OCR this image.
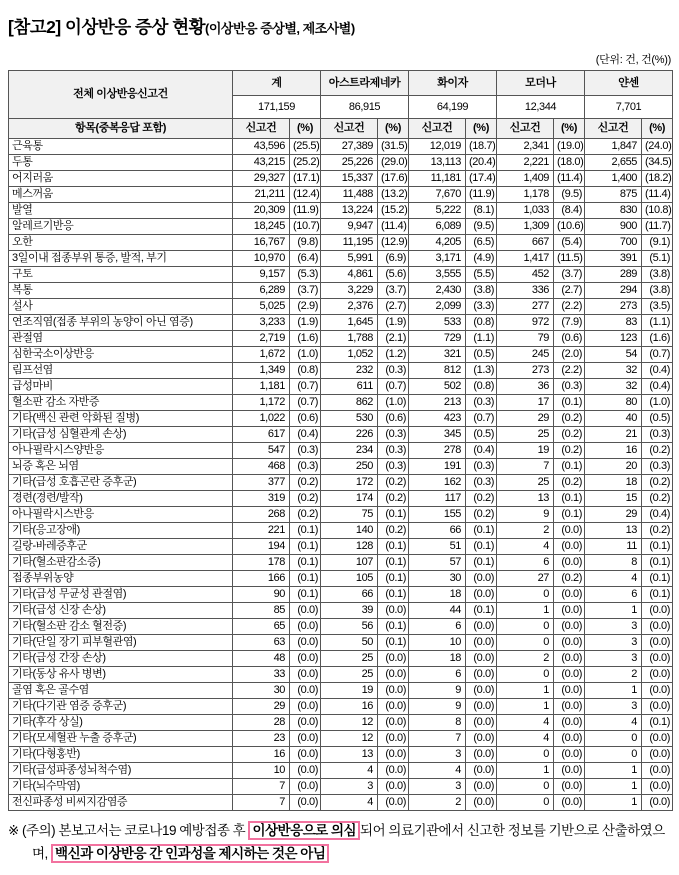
[참고2] 이상반응 증상 현황(이상반응 증상별, 제조사별)
(단위: 건, 건(%))
전체 이상반응신고건	계		아스트라제네카		화이자		모더나		얀센	
	171,159		86,915		64,199		12,344		7,701	
항목(중복응답 포함)	신고건	(%)	신고건	(%)	신고건	(%)	신고건	(%)	신고건	(%)
근육통	43,596	(25.5)	27,389	(31.5)	12,019	(18.7)	2,341	(19.0)	1,847	(24.0)
두통	43,215	(25.2)	25,226	(29.0)	13,113	(20.4)	2,221	(18.0)	2,655	(34.5)
어지러움	29,327	(17.1)	15,337	(17.6)	11,181	(17.4)	1,409	(11.4)	1,400	(18.2)
메스꺼움	21,211	(12.4)	11,488	(13.2)	7,670	(11.9)	1,178	(9.5)	875	(11.4)
발열	20,309	(11.9)	13,224	(15.2)	5,222	(8.1)	1,033	(8.4)	830	(10.8)
알레르기반응	18,245	(10.7)	9,947	(11.4)	6,089	(9.5)	1,309	(10.6)	900	(11.7)
오한	16,767	(9.8)	11,195	(12.9)	4,205	(6.5)	667	(5.4)	700	(9.1)
3일이내 접종부위 통증, 발적, 부기	10,970	(6.4)	5,991	(6.9)	3,171	(4.9)	1,417	(11.5)	391	(5.1)
구토	9,157	(5.3)	4,861	(5.6)	3,555	(5.5)	452	(3.7)	289	(3.8)
복통	6,289	(3.7)	3,229	(3.7)	2,430	(3.8)	336	(2.7)	294	(3.8)
설사	5,025	(2.9)	2,376	(2.7)	2,099	(3.3)	277	(2.2)	273	(3.5)
연조직염(접종 부위의 농양이 아닌 염증)	3,233	(1.9)	1,645	(1.9)	533	(0.8)	972	(7.9)	83	(1.1)
관절염	2,719	(1.6)	1,788	(2.1)	729	(1.1)	79	(0.6)	123	(1.6)
심한국소이상반응	1,672	(1.0)	1,052	(1.2)	321	(0.5)	245	(2.0)	54	(0.7)
림프선염	1,349	(0.8)	232	(0.3)	812	(1.3)	273	(2.2)	32	(0.4)
급성마비	1,181	(0.7)	611	(0.7)	502	(0.8)	36	(0.3)	32	(0.4)
혈소판 감소 자반증	1,172	(0.7)	862	(1.0)	213	(0.3)	17	(0.1)	80	(1.0)
기타(백신 관련 악화된 질병)	1,022	(0.6)	530	(0.6)	423	(0.7)	29	(0.2)	40	(0.5)
기타(급성 심혈관계 손상)	617	(0.4)	226	(0.3)	345	(0.5)	25	(0.2)	21	(0.3)
아나필락시스양반응	547	(0.3)	234	(0.3)	278	(0.4)	19	(0.2)	16	(0.2)
뇌증 혹은 뇌염	468	(0.3)	250	(0.3)	191	(0.3)	7	(0.1)	20	(0.3)
기타(급성 호흡곤란 증후군)	377	(0.2)	172	(0.2)	162	(0.3)	25	(0.2)	18	(0.2)
경련(경련/발작)	319	(0.2)	174	(0.2)	117	(0.2)	13	(0.1)	15	(0.2)
아나필락시스반응	268	(0.2)	75	(0.1)	155	(0.2)	9	(0.1)	29	(0.4)
기타(응고장애)	221	(0.1)	140	(0.2)	66	(0.1)	2	(0.0)	13	(0.2)
길랑-바레증후군	194	(0.1)	128	(0.1)	51	(0.1)	4	(0.0)	11	(0.1)
기타(혈소판감소증)	178	(0.1)	107	(0.1)	57	(0.1)	6	(0.0)	8	(0.1)
접종부위농양	166	(0.1)	105	(0.1)	30	(0.0)	27	(0.2)	4	(0.1)
기타(급성 무균성 관절염)	90	(0.1)	66	(0.1)	18	(0.0)	0	(0.0)	6	(0.1)
기타(급성 신장 손상)	85	(0.0)	39	(0.0)	44	(0.1)	1	(0.0)	1	(0.0)
기타(혈소판 감소 혈전증)	65	(0.0)	56	(0.1)	6	(0.0)	0	(0.0)	3	(0.0)
기타(단일 장기 피부혈관염)	63	(0.0)	50	(0.1)	10	(0.0)	0	(0.0)	3	(0.0)
기타(급성 간장 손상)	48	(0.0)	25	(0.0)	18	(0.0)	2	(0.0)	3	(0.0)
기타(동상 유사 병변)	33	(0.0)	25	(0.0)	6	(0.0)	0	(0.0)	2	(0.0)
골염 혹은 골수염	30	(0.0)	19	(0.0)	9	(0.0)	1	(0.0)	1	(0.0)
기타(다기관 염증 증후군)	29	(0.0)	16	(0.0)	9	(0.0)	1	(0.0)	3	(0.0)
기타(후각 상실)	28	(0.0)	12	(0.0)	8	(0.0)	4	(0.0)	4	(0.1)
기타(모세혈관 누출 증후군)	23	(0.0)	12	(0.0)	7	(0.0)	4	(0.0)	0	(0.0)
기타(다형홍반)	16	(0.0)	13	(0.0)	3	(0.0)	0	(0.0)	0	(0.0)
기타(급성파종성뇌척수염)	10	(0.0)	4	(0.0)	4	(0.0)	1	(0.0)	1	(0.0)
기타(뇌수막염)	7	(0.0)	3	(0.0)	3	(0.0)	0	(0.0)	1	(0.0)
전신파종성 비씨지감염증	7	(0.0)	4	(0.0)	2	(0.0)	0	(0.0)	1	(0.0)
※ (주의) 본보고서는 코로나19 예방접종 후 이상반응으로 의심 되어 의료기관에서 신고한 정보를 기반으로 산출하였으며, 백신과 이상반응 간 인과성을 제시하는 것은 아님
